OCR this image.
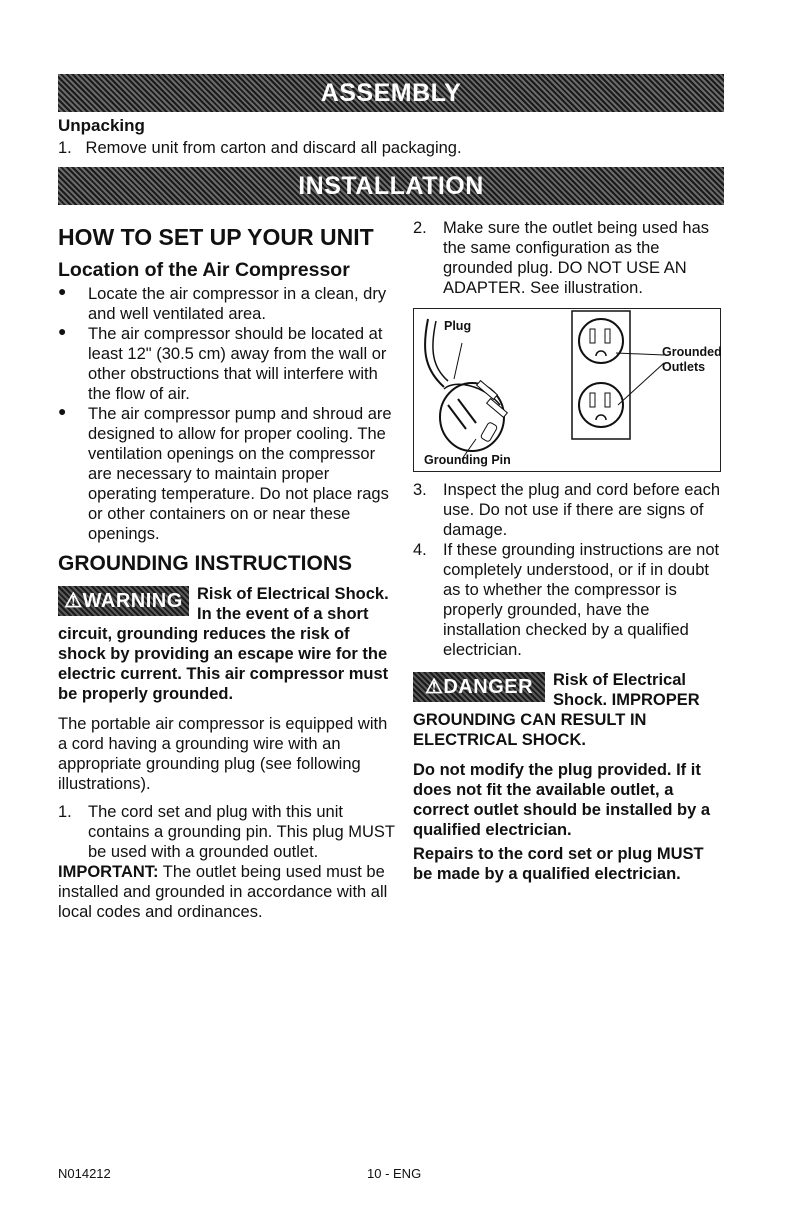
ASSEMBLY
Unpacking
1. Remove unit from carton and discard all packaging.
INSTALLATION
HOW TO SET UP YOUR UNIT
Location of the Air Compressor
● Locate the air compressor in a clean, dry and well ventilated area.
● The air compressor should be located at least 12" (30.5 cm) away from the wall or other obstructions that will interfere with the flow of air.
● The air compressor pump and shroud are designed to allow for proper cooling. The ventilation openings on the compressor are necessary to maintain proper operating temperature. Do not place rags or other containers on or near these openings.
GROUNDING INSTRUCTIONS
⚠WARNING Risk of Electrical Shock. In the event of a short circuit, grounding reduces the risk of shock by providing an escape wire for the electric current. This air compressor must be properly grounded.
The portable air compressor is equipped with a cord having a grounding wire with an appropriate grounding plug (see following illustrations).
1. The cord set and plug with this unit contains a grounding pin. This plug MUST be used with a grounded outlet.
IMPORTANT: The outlet being used must be installed and grounded in accordance with all local codes and ordinances.
2. Make sure the outlet being used has the same configuration as the grounded plug. DO NOT USE AN ADAPTER. See illustration.
Plug
Grounded
Outlets
Grounding Pin
3. Inspect the plug and cord before each use. Do not use if there are signs of damage.
4. If these grounding instructions are not completely understood, or if in doubt as to whether the compressor is properly grounded, have the installation checked by a qualified electrician.
⚠DANGER	Risk of Electrical Shock. IMPROPER GROUNDING CAN RESULT IN ELECTRICAL SHOCK.
Do not modify the plug provided. If it does not fit the available outlet, a correct outlet should be installed by a qualified electrician.
Repairs to the cord set or plug MUST be made by a qualified electrician.
N014212	10 - ENG
